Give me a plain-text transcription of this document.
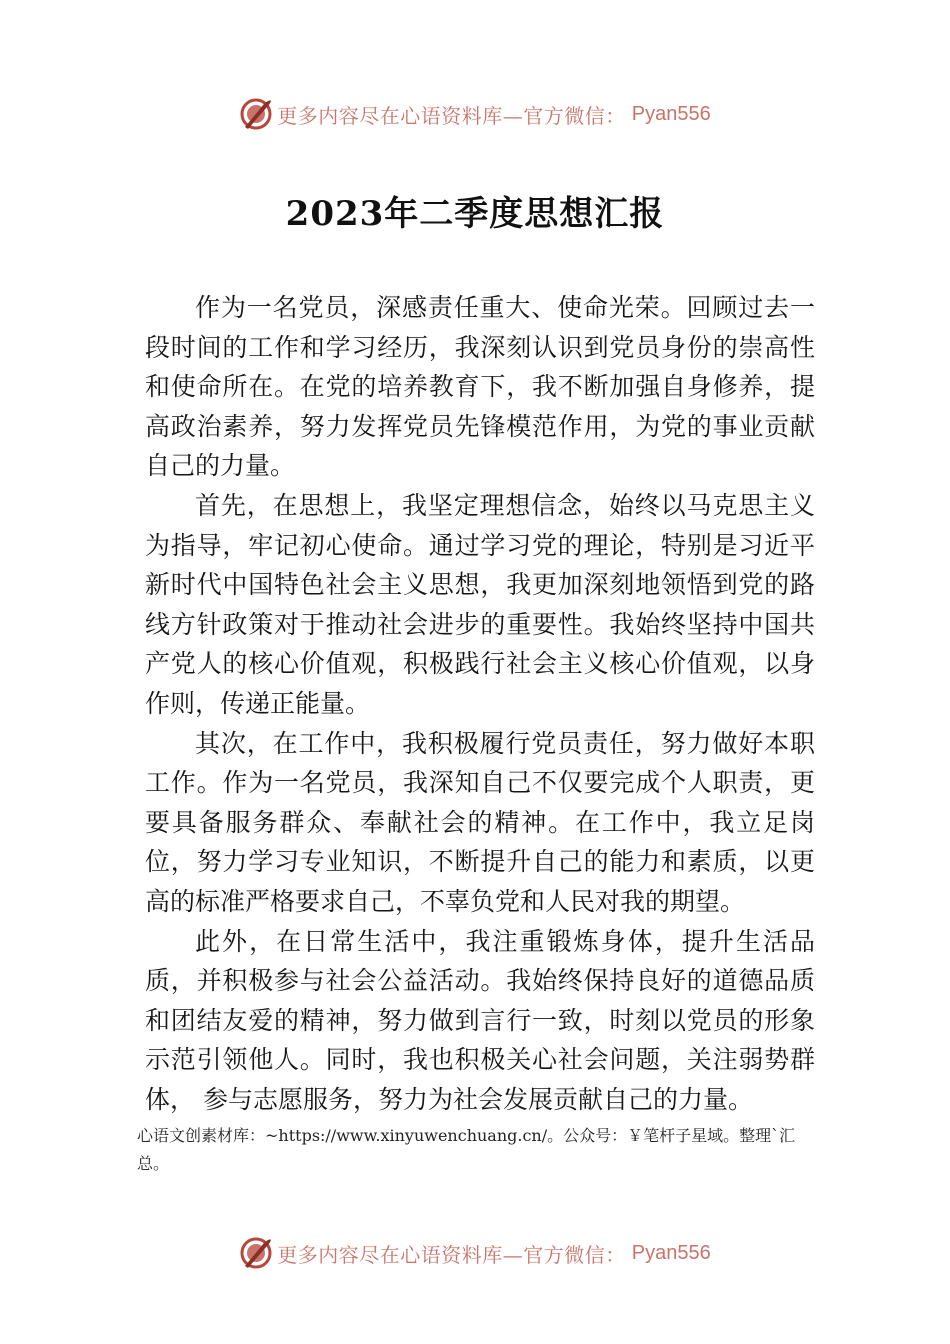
更多内容尽在心语资料库—官方微信： Pyan556
2023年二季度思想汇报

作为一名党员，深感责任重大、使命光荣。回顾过去一段时间的工作和学习经历，我深刻认识到党员身份的崇高性和使命所在。在党的培养教育下，我不断加强自身修养，提高政治素养，努力发挥党员先锋模范作用，为党的事业贡献自己的力量。

首先，在思想上，我坚定理想信念，始终以马克思主义为指导，牢记初心使命。通过学习党的理论，特别是习近平新时代中国特色社会主义思想，我更加深刻地领悟到党的路线方针政策对于推动社会进步的重要性。我始终坚持中国共产党人的核心价值观，积极践行社会主义核心价值观，以身作则，传递正能量。

其次，在工作中，我积极履行党员责任，努力做好本职工作。作为一名党员，我深知自己不仅要完成个人职责，更要具备服务群众、奉献社会的精神。在工作中，我立足岗位，努力学习专业知识，不断提升自己的能力和素质，以更高的标准严格要求自己，不辜负党和人民对我的期望。

此外，在日常生活中，我注重锻炼身体，提升生活品质，并积极参与社会公益活动。我始终保持良好的道德品质和团结友爱的精神，努力做到言行一致，时刻以党员的形象示范引领他人。同时，我也积极关心社会问题，关注弱势群体， 参与志愿服务，努力为社会发展贡献自己的力量。

心语文创素材库：~https://www.xinyuwenchuang.cn/。公众号：￥笔杆子星域。整理`汇总。

更多内容尽在心语资料库—官方微信： Pyan556
